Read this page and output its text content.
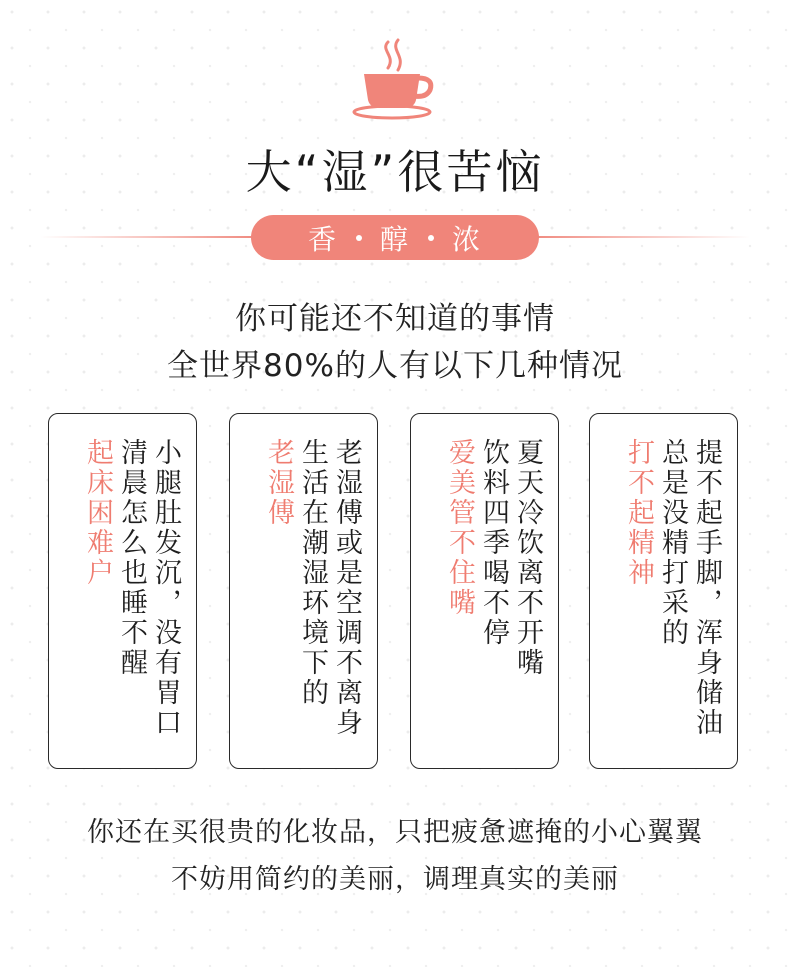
大“湿”很苦恼
香 醇 浓
你可能还不知道的事情
全世界80%的人有以下几种情况
小腿肚发沉，没有胃口
清晨怎么也睡不醒
起床困难户	老湿傅或是空调不离身
生活在潮湿环境下的
老湿傅	夏天冷饮离不开嘴
饮料四季喝不停
爱美管不住嘴	提不起手脚，浑身储油
总是没精打采的
打不起精神
你还在买很贵的化妆品，只把疲惫遮掩的小心翼翼
不妨用简约的美丽，调理真实的美丽
